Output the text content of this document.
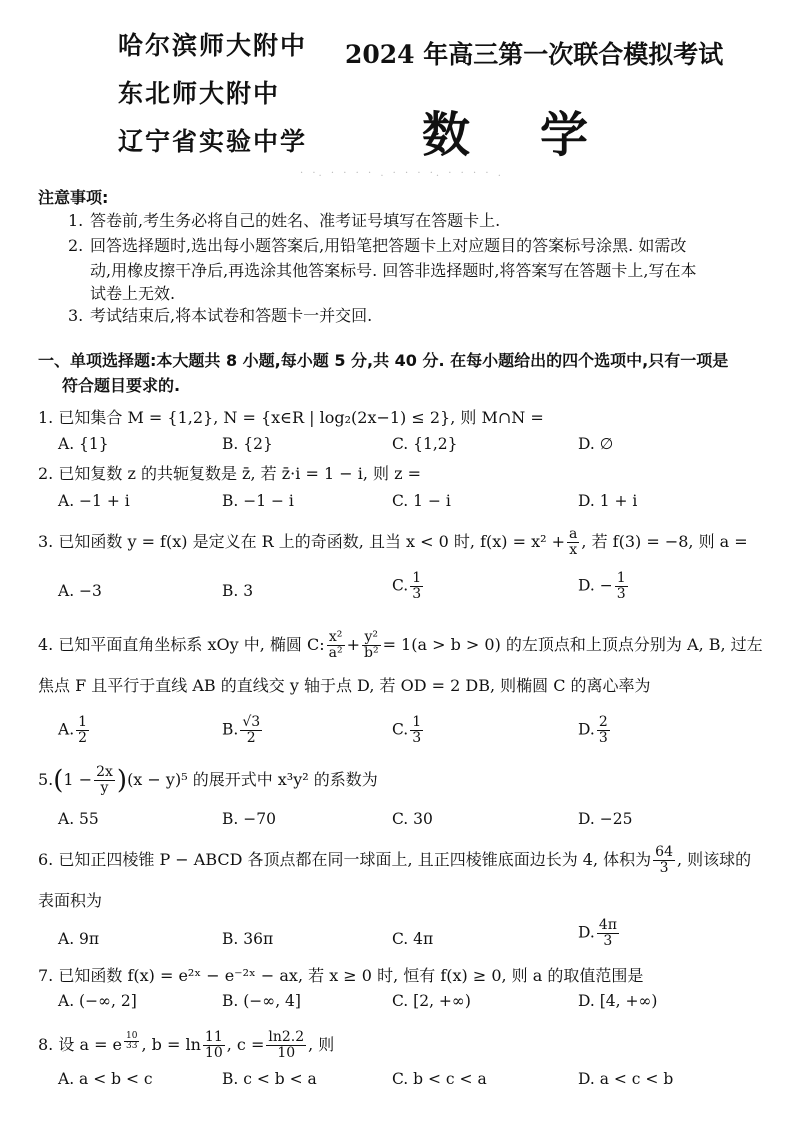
哈尔滨师大附中
东北师大附中
辽宁省实验中学
2024 年高三第一次联合模拟考试
数学
· ·. · · · · . · · · ·. · · · · .
注意事项:
1. 答卷前,考生务必将自己的姓名、准考证号填写在答题卡上.
2. 回答选择题时,选出每小题答案后,用铅笔把答题卡上对应题目的答案标号涂黑. 如需改
动,用橡皮擦干净后,再选涂其他答案标号. 回答非选择题时,将答案写在答题卡上,写在本
试卷上无效.
3. 考试结束后,将本试卷和答题卡一并交回.
一、单项选择题:本大题共 8 小题,每小题 5 分,共 40 分. 在每小题给出的四个选项中,只有一项是
符合题目要求的.
1. 已知集合 M = {1,2}, N = {x∈R | log₂(2x−1) ≤ 2}, 则 M∩N =
A. {1}	B. {2}	C. {1,2}	D. ∅
2. 已知复数 z 的共轭复数是 z̄, 若 z̄·i = 1 − i, 则 z =
A. −1 + i	B. −1 − i	C. 1 − i	D. 1 + i
3. 已知函数 y = f(x) 是定义在 R 上的奇函数, 且当 x < 0 时, $f(x) = x^2 + \frac{a}{x}$ , 若 f(3) = −8, 则 a =
A. −3	B. 3	C. $\frac{1}{3}$	D. − $\frac{1}{3}$
4. 已知平面直角坐标系 xOy 中, 椭圆 C: $\frac{\text{x²}}{\text{a²}} + \frac{\text{y²}}{\text{b²}} = 1(a > b > 0)$ 的左顶点和上顶点分别为 A, B, 过左
焦点 F 且平行于直线 AB 的直线交 y 轴于点 D, 若 OD = 2 DB, 则椭圆 C 的离心率为
A. $\frac{1}{2}$	B. $\frac{√3}{2}$	C. $\frac{1}{3}$	D. $\frac{2}{3}$
$5.(1 - \frac{2x}{y} )(x - y)^5$ 的展开式中 x³y² 的系数为
A. 55	B. −70	C. 30	D. −25
6. 已知正四棱锥 P − ABCD 各顶点都在同一球面上, 且正四棱锥底面边长为 4, 体积为 $\frac{64}{3}$ , 则该球的
表面积为
A. 9π	B. 36π	C. 4π	D. $\frac{4\pi}{3}$
7. 已知函数 f(x) = e²ˣ − e⁻²ˣ − ax, 若 x ≥ 0 时, 恒有 f(x) ≥ 0, 则 a 的取值范围是
A. (−∞, 2]	B. (−∞, 4]	C. [2, +∞)	D. [4, +∞)
8. 设 a = e $^{\frac{10}{33}}$ , $b = \ln \frac{11}{10}$ , $c = \frac{\ln 2.2}{10}$ , 则
A. a < b < c	B. c < b < a	C. b < c < a	D. a < c < b
